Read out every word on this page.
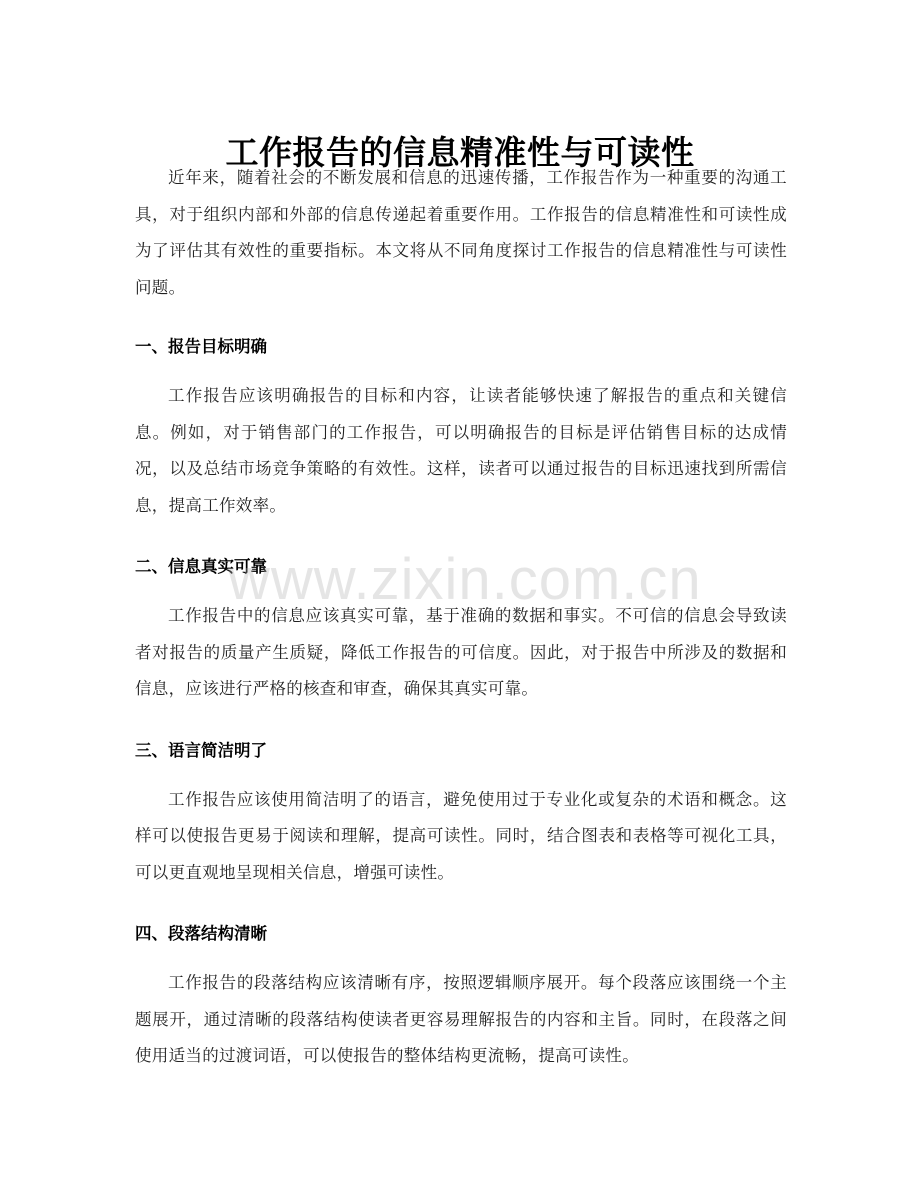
工作报告的信息精准性与可读性

近年来，随着社会的不断发展和信息的迅速传播，工作报告作为一种重要的沟通工具，对于组织内部和外部的信息传递起着重要作用。工作报告的信息精准性和可读性成为了评估其有效性的重要指标。本文将从不同角度探讨工作报告的信息精准性与可读性问题。

一、报告目标明确

工作报告应该明确报告的目标和内容，让读者能够快速了解报告的重点和关键信息。例如，对于销售部门的工作报告，可以明确报告的目标是评估销售目标的达成情况，以及总结市场竞争策略的有效性。这样，读者可以通过报告的目标迅速找到所需信息，提高工作效率。

二、信息真实可靠

工作报告中的信息应该真实可靠，基于准确的数据和事实。不可信的信息会导致读者对报告的质量产生质疑，降低工作报告的可信度。因此，对于报告中所涉及的数据和信息，应该进行严格的核查和审查，确保其真实可靠。

三、语言简洁明了

工作报告应该使用简洁明了的语言，避免使用过于专业化或复杂的术语和概念。这样可以使报告更易于阅读和理解，提高可读性。同时，结合图表和表格等可视化工具，可以更直观地呈现相关信息，增强可读性。

四、段落结构清晰

工作报告的段落结构应该清晰有序，按照逻辑顺序展开。每个段落应该围绕一个主题展开，通过清晰的段落结构使读者更容易理解报告的内容和主旨。同时，在段落之间使用适当的过渡词语，可以使报告的整体结构更流畅，提高可读性。

www.zixin.com.cn
